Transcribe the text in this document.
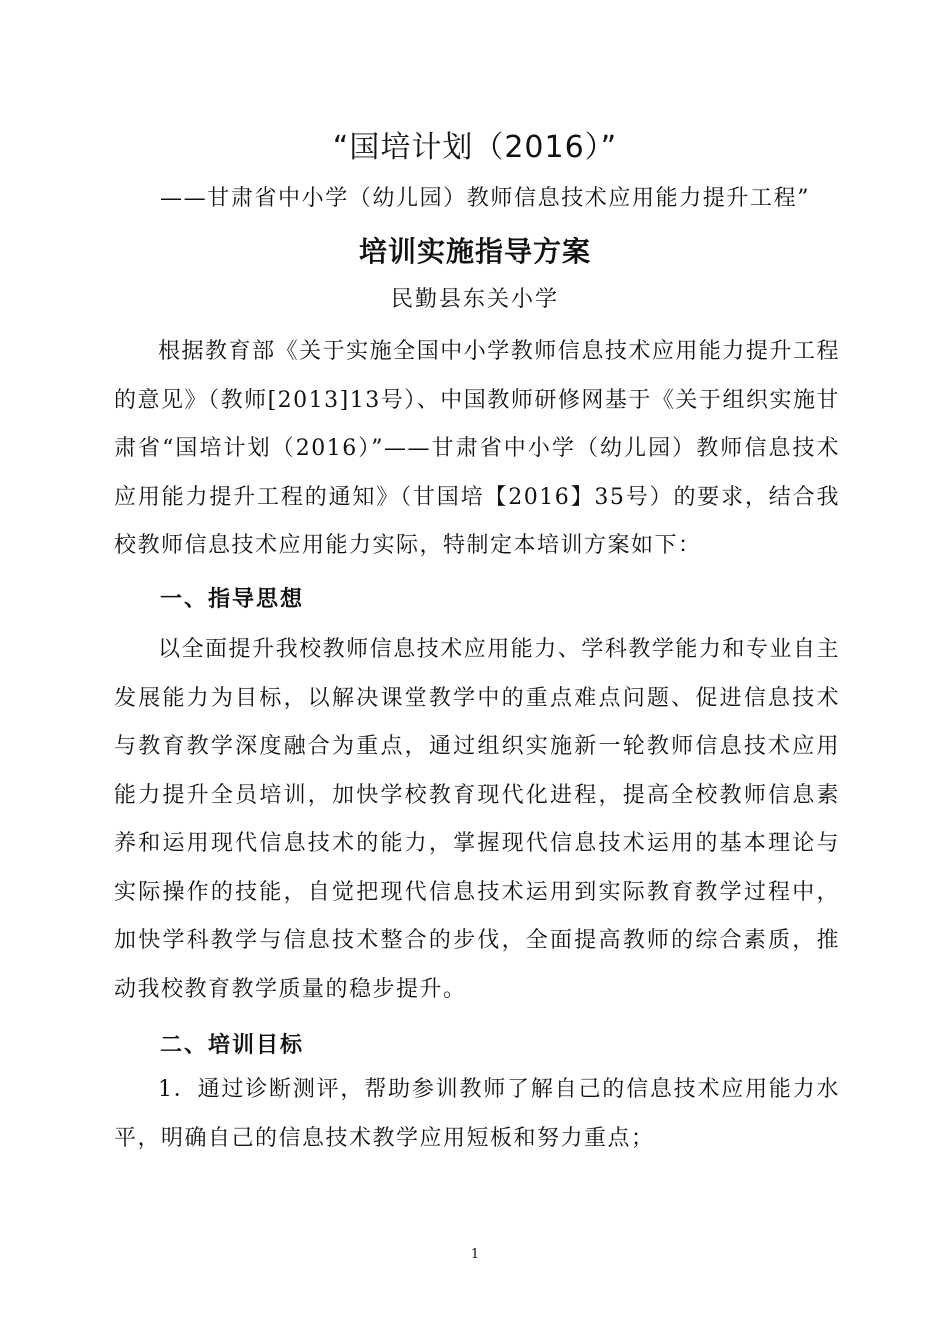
“国培计划（2016）”
——甘肃省中小学（幼儿园）教师信息技术应用能力提升工程”
培训实施指导方案
民勤县东关小学
根据教育部《关于实施全国中小学教师信息技术应用能力提升工程的意见》（教师[2013]13号）、中国教师研修网基于《关于组织实施甘肃省“国培计划（2016）”——甘肃省中小学（幼儿园）教师信息技术应用能力提升工程的通知》（甘国培【2016】35号）的要求，结合我校教师信息技术应用能力实际，特制定本培训方案如下：
一、指导思想
以全面提升我校教师信息技术应用能力、学科教学能力和专业自主发展能力为目标，以解决课堂教学中的重点难点问题、促进信息技术与教育教学深度融合为重点，通过组织实施新一轮教师信息技术应用能力提升全员培训，加快学校教育现代化进程，提高全校教师信息素养和运用现代信息技术的能力，掌握现代信息技术运用的基本理论与实际操作的技能，自觉把现代信息技术运用到实际教育教学过程中，加快学科教学与信息技术整合的步伐，全面提高教师的综合素质，推动我校教育教学质量的稳步提升。
二、培训目标
1．通过诊断测评，帮助参训教师了解自己的信息技术应用能力水平，明确自己的信息技术教学应用短板和努力重点；
1
